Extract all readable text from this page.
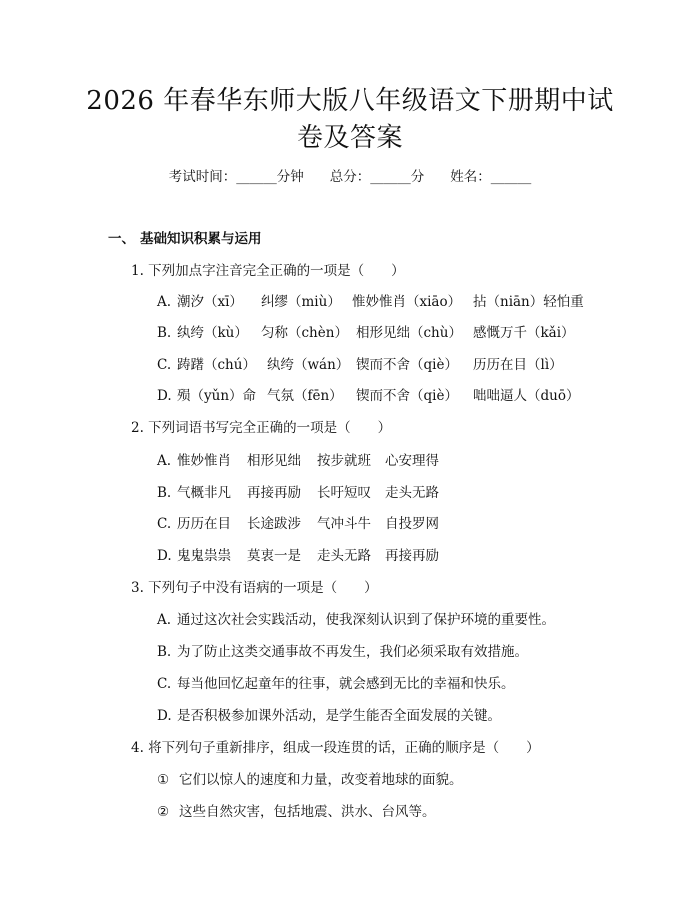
2026 年春华东师大版八年级语文下册期中试
卷及答案
考试时间：______分钟 总分：______分 姓名：______
一、 基础知识积累与运用
1. 下列加点字注音完全正确的一项是（　　）
A. 潮汐（xī） 纠缪（miù） 惟妙惟肖（xiāo） 拈（niān）轻怕重
B. 纨绔（kù） 匀称（chèn） 相形见绌（chù） 感慨万千（kǎi）
C. 踌躇（chú） 纨绔（wán） 锲而不舍（qiè） 历历在目（lì）
D. 殒（yǔn）命 气氛（fēn） 锲而不舍（qiè） 咄咄逼人（duō）
2. 下列词语书写完全正确的一项是（　　）
A. 惟妙惟肖 相形见绌 按步就班 心安理得
B. 气概非凡 再接再励 长吁短叹 走头无路
C. 历历在目 长途跋涉 气冲斗牛 自投罗网
D. 鬼鬼祟祟 莫衷一是 走头无路 再接再励
3. 下列句子中没有语病的一项是（　　）
A. 通过这次社会实践活动，使我深刻认识到了保护环境的重要性。
B. 为了防止这类交通事故不再发生，我们必须采取有效措施。
C. 每当他回忆起童年的往事，就会感到无比的幸福和快乐。
D. 是否积极参加课外活动，是学生能否全面发展的关键。
4. 将下列句子重新排序，组成一段连贯的话，正确的顺序是（　　）
① 它们以惊人的速度和力量，改变着地球的面貌。
② 这些自然灾害，包括地震、洪水、台风等。
